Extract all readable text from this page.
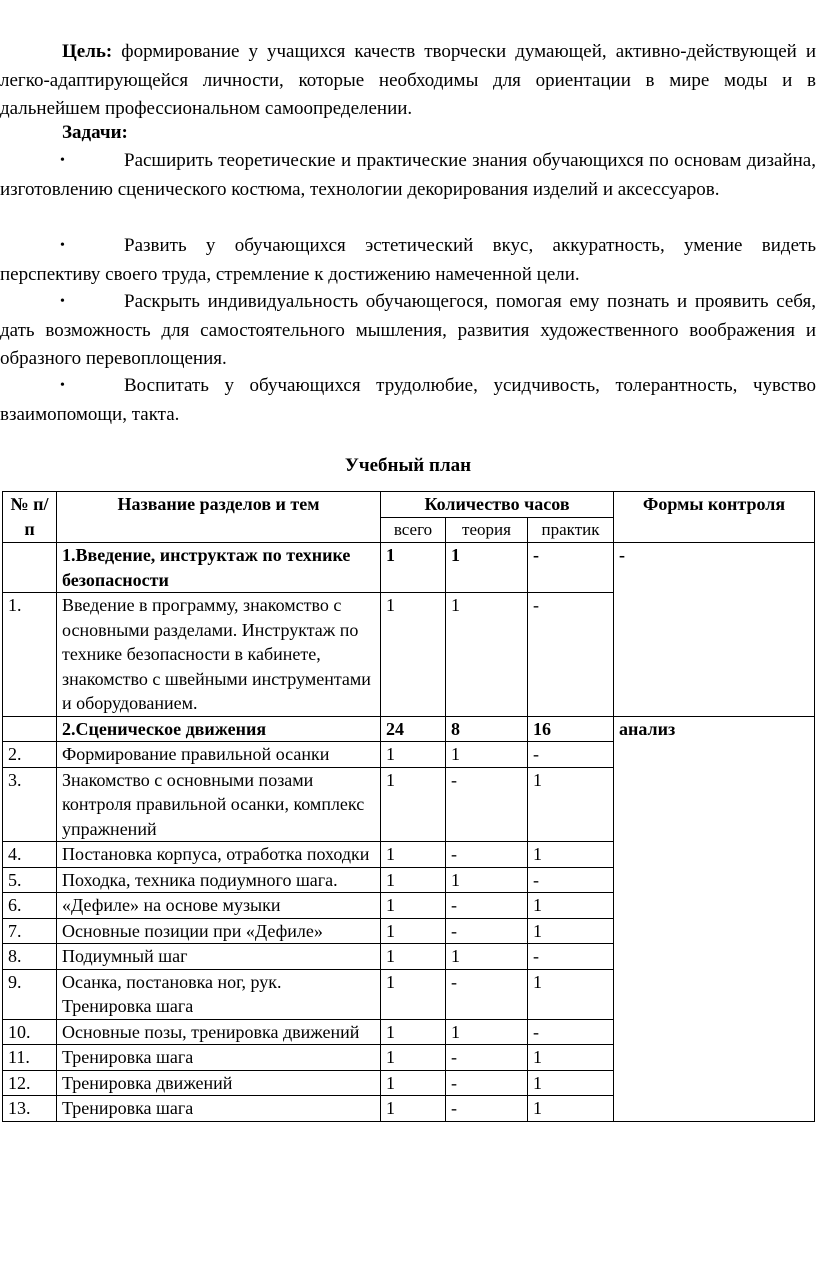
Цель: формирование у учащихся качеств творчески думающей, активно-действующей и легко-адаптирующейся личности, которые необходимы для ориентации в мире моды и в дальнейшем профессиональном самоопределении.

Задачи:

•	Расширить теоретические и практические знания обучающихся по основам дизайна, изготовлению сценического костюма, технологии декорирования изделий и аксессуаров.
•	Развить у обучающихся эстетический вкус, аккуратность, умение видеть перспективу своего труда, стремление к достижению намеченной цели.
•	Раскрыть индивидуальность обучающегося, помогая ему познать и проявить себя, дать возможность для самостоятельного мышления, развития художественного воображения и образного перевоплощения.
•	Воспитать у обучающихся трудолюбие, усидчивость, толерантность, чувство взаимопомощи, такта.
Учебный план
№ п/п	Название разделов и тем	Количество часов			Формы контроля
		всего	теория	практик	
	1.Введение, инструктаж по технике безопасности	1	1	-	-
1.	Введение в программу, знакомство с основными разделами. Инструктаж по технике безопасности в кабинете, знакомство с швейными инструментами и оборудованием.	1	1	-	
	2.Сценическое движения	24	8	16	анализ
2.	Формирование правильной осанки	1	1	-	
3.	Знакомство с основными позами контроля правильной осанки, комплекс упражнений	1	-	1	
4.	Постановка корпуса, отработка походки	1	-	1	
5.	Походка, техника подиумного шага.	1	1	-	
6.	«Дефиле» на основе музыки	1	-	1	
7.	Основные позиции при «Дефиле»	1	-	1	
8.	Подиумный шаг	1	1	-	
9.	Осанка, постановка ног, рук. Тренировка шага	1	-	1	
10.	Основные позы, тренировка движений	1	1	-	
11.	Тренировка шага	1	-	1	
12.	Тренировка движений	1	-	1	
13.	Тренировка шага	1	-	1	
